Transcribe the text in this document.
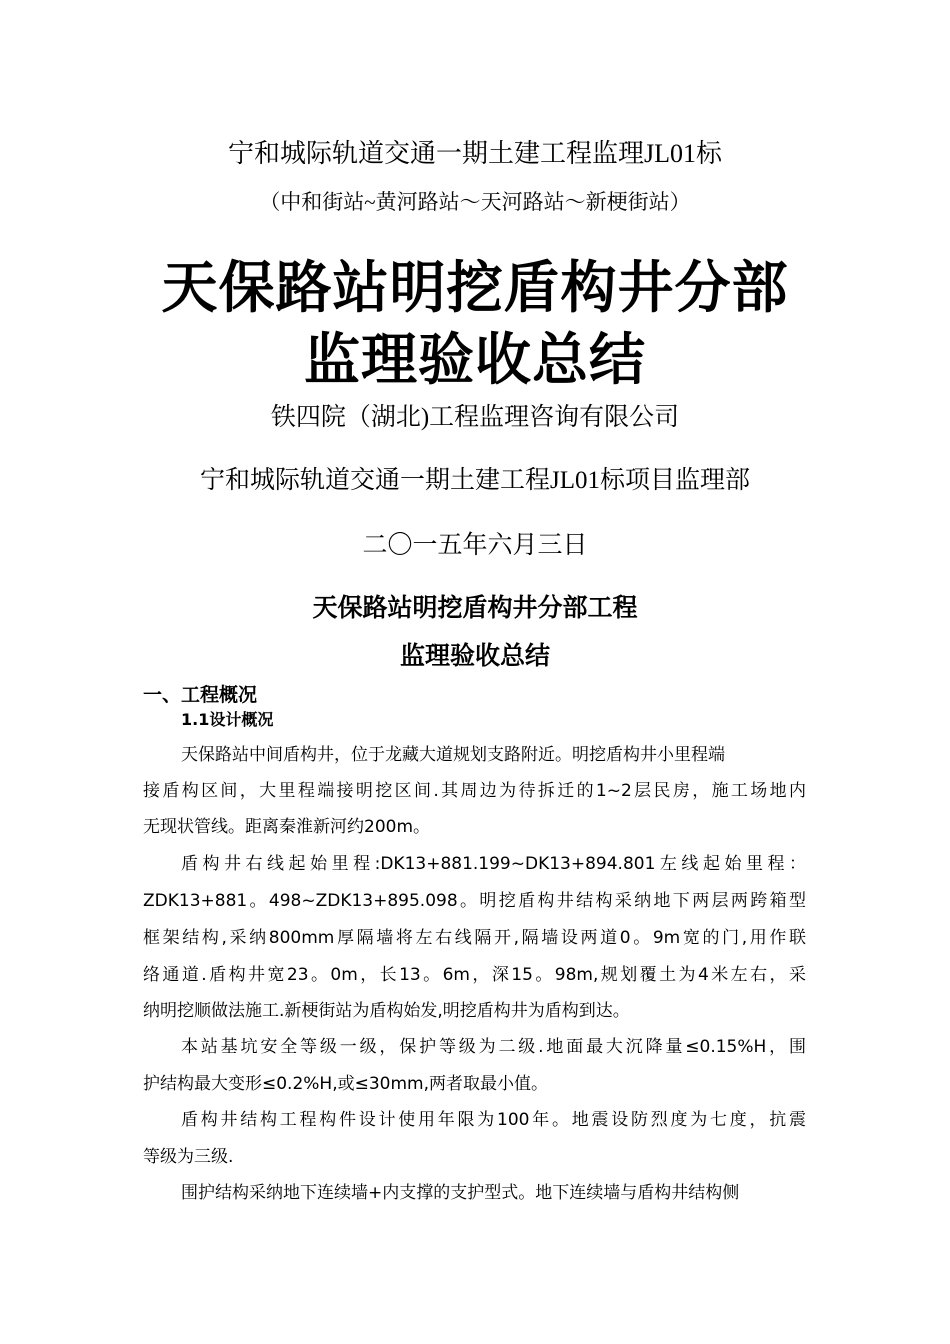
宁和城际轨道交通一期土建工程监理JL01标
（中和街站~黄河路站～天河路站～新梗街站）
天保路站明挖盾构井分部
监理验收总结
铁四院（湖北)工程监理咨询有限公司
宁和城际轨道交通一期土建工程JL01标项目监理部
二〇一五年六月三日
天保路站明挖盾构井分部工程
监理验收总结
一、工程概况
1.1设计概况
天保路站中间盾构井，位于龙藏大道规划支路附近。明挖盾构井小里程端
接盾构区间，大里程端接明挖区间.其周边为待拆迁的1~2层民房，施工场地内
无现状管线。距离秦淮新河约200m。
盾构井右线起始里程:DK13+881.199~DK13+894.801左线起始里程：
ZDK13+881。498~ZDK13+895.098。明挖盾构井结构采纳地下两层两跨箱型
框架结构,采纳800mm厚隔墙将左右线隔开,隔墙设两道0。9m宽的门,用作联
络通道.盾构井宽23。0m，长13。6m，深15。98m,规划覆土为4米左右，采
纳明挖顺做法施工.新梗街站为盾构始发,明挖盾构井为盾构到达。
本站基坑安全等级一级，保护等级为二级.地面最大沉降量≤0.15%H，围
护结构最大变形≤0.2%H,或≤30mm,两者取最小值。
盾构井结构工程构件设计使用年限为100年。地震设防烈度为七度，抗震
等级为三级.
围护结构采纳地下连续墙+内支撑的支护型式。地下连续墙与盾构井结构侧
